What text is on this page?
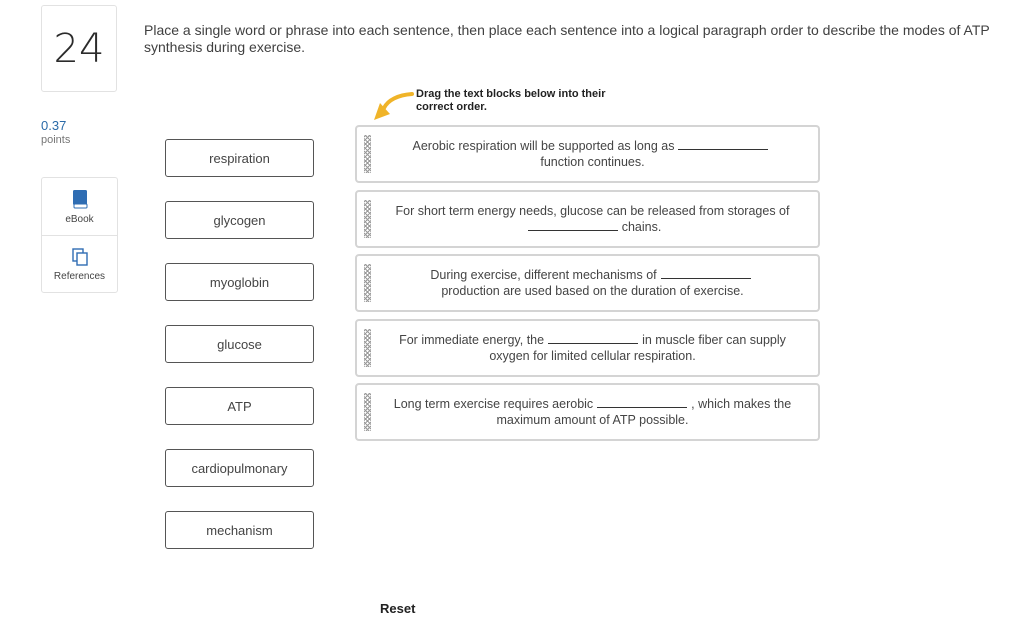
24	Place a single word or phrase into each sentence, then place each sentence into a logical paragraph order to describe the modes of ATP synthesis during exercise.
0.37
points
eBook
References
Drag the text blocks below into their correct order.
respiration
glycogen
myoglobin
glucose
ATP
cardiopulmonary
mechanism
Aerobic respiration will be supported as long as
function continues.
For short term energy needs, glucose can be released from storages ofchains.
During exercise, different mechanisms of
production are used based on the duration of exercise.
For immediate energy, the	in muscle fiber can supply oxygen for limited cellular respiration.
Long term exercise requires aerobic	, which makes the maximum amount of ATP possible.
Reset
